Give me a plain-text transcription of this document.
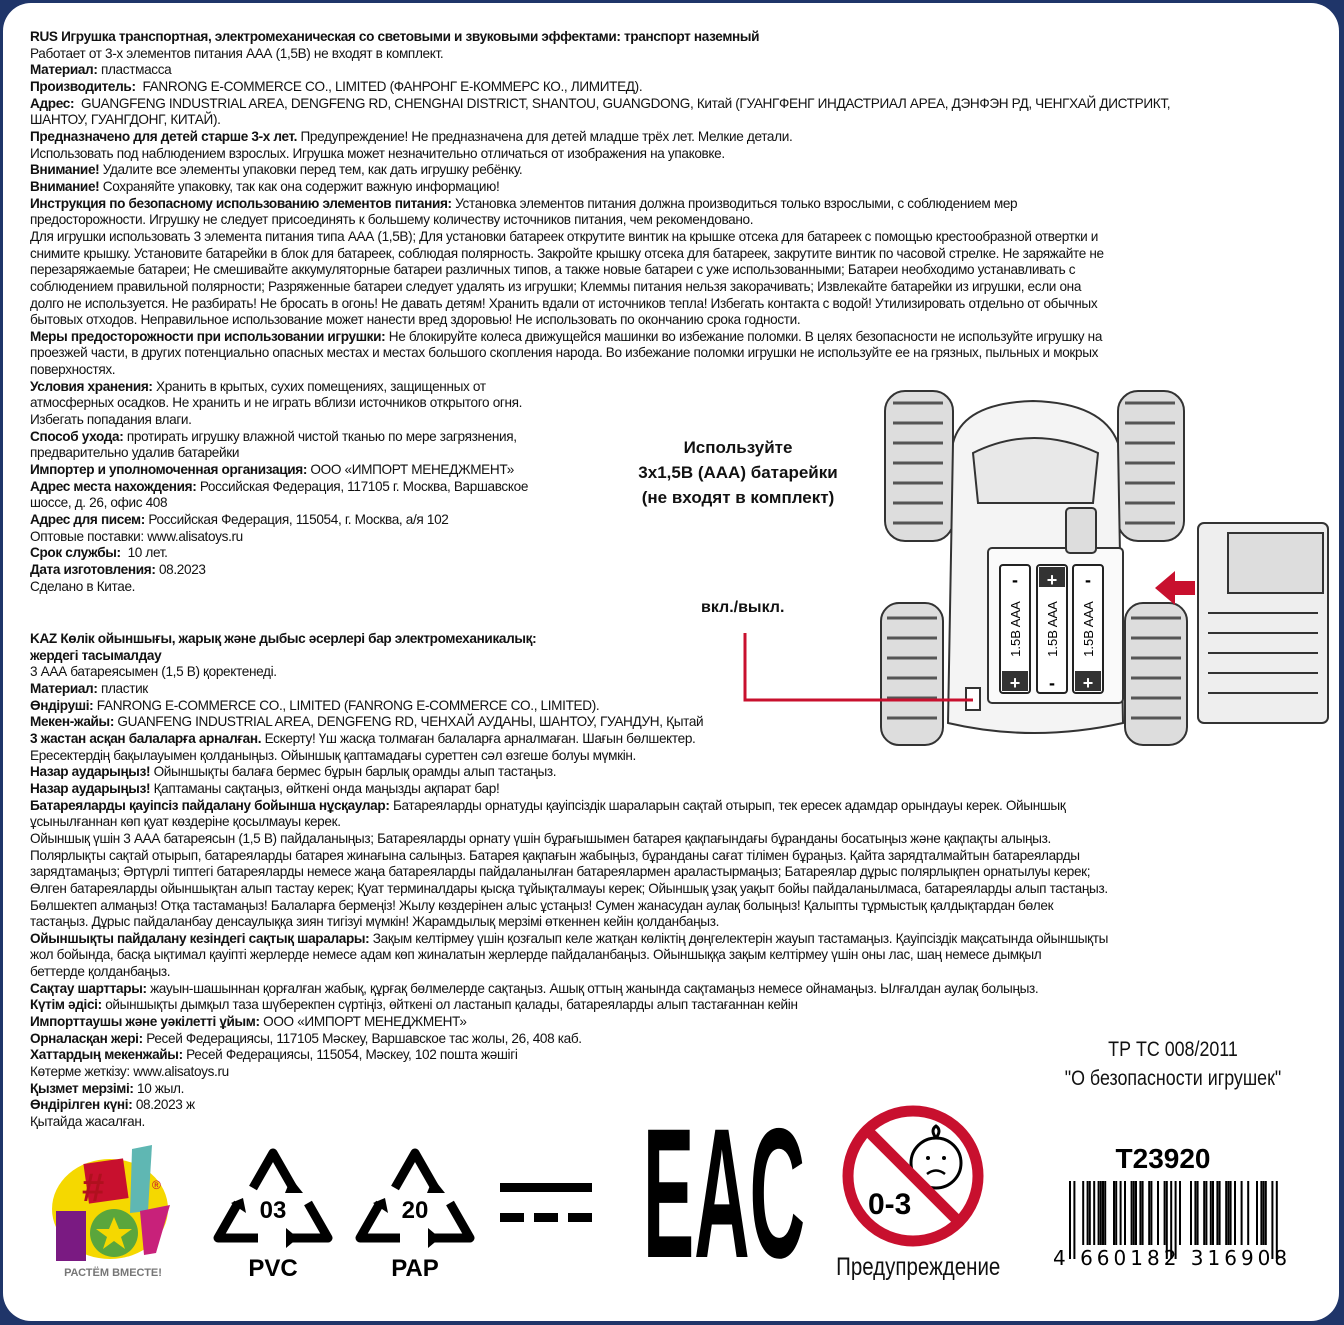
RUS Игрушка транспортная, электромеханическая со световыми и звуковыми эффектами: транспорт наземный
Работает от 3-х элементов питания ААА (1,5В) не входят в комплект.
Материал: пластмасса
Производитель:  FANRONG E-COMMERCE CO., LIMITED (ФАНРОНГ Е-КОММЕРС КО., ЛИМИТЕД).
Адрес:  GUANGFENG INDUSTRIAL AREA, DENGFENG RD, CHENGHAI DISTRICT, SHANTOU, GUANGDONG, Китай (ГУАНГФЕНГ ИНДАСТРИАЛ АРЕА, ДЭНФЭН РД, ЧЕНГХАЙ ДИСТРИКТ,
ШАНТОУ, ГУАНГДОНГ, КИТАЙ).
Предназначено для детей старше 3-х лет. Предупреждение! Не предназначена для детей младше трёх лет. Мелкие детали.
Использовать под наблюдением взрослых. Игрушка может незначительно отличаться от изображения на упаковке.
Внимание! Удалите все элементы упаковки перед тем, как дать игрушку ребёнку.
Внимание! Сохраняйте упаковку, так как она содержит важную информацию!
Инструкция по безопасному использованию элементов питания: Установка элементов питания должна производиться только взрослыми, с соблюдением мер
предосторожности. Игрушку не следует присоединять к большему количеству источников питания, чем рекомендовано.
Для игрушки использовать 3 элемента питания типа ААА (1,5В); Для установки батареек открутите винтик на крышке отсека для батареек с помощью крестообразной отвертки и
снимите крышку. Установите батарейки в блок для батареек, соблюдая полярность. Закройте крышку отсека для батареек, закрутите винтик по часовой стрелке. Не заряжайте не
перезаряжаемые батареи; Не смешивайте аккумуляторные батареи различных типов, а также новые батареи с уже использованными; Батареи необходимо устанавливать с
соблюдением правильной полярности; Разряженные батареи следует удалять из игрушки; Клеммы питания нельзя закорачивать; Извлекайте батарейки из игрушки, если она
долго не используется. Не разбирать! Не бросать в огонь! Не давать детям! Хранить вдали от источников тепла! Избегать контакта с водой! Утилизировать отдельно от обычных
бытовых отходов. Неправильное использование может нанести вред здоровью! Не использовать по окончанию срока годности.
Меры предосторожности при использовании игрушки: Не блокируйте колеса движущейся машинки во избежание поломки. В целях безопасности не используйте игрушку на
проезжей части, в других потенциально опасных местах и местах большого скопления народа. Во избежание поломки игрушки не используйте ее на грязных, пыльных и мокрых
поверхностях.
Условия хранения: Хранить в крытых, сухих помещениях, защищенных от
атмосферных осадков. Не хранить и не играть вблизи источников открытого огня.
Избегать попадания влаги.
Способ ухода: протирать игрушку влажной чистой тканью по мере загрязнения,
предварительно удалив батарейки
Импортер и уполномоченная организация: ООО «ИМПОРТ МЕНЕДЖМЕНТ»
Адрес места нахождения: Российская Федерация, 117105 г. Москва, Варшавское
шоссе, д. 26, офис 408
Адрес для писем: Российская Федерация, 115054, г. Москва, а/я 102
Оптовые поставки: www.alisatoys.ru
Срок службы:  10 лет.
Дата изготовления: 08.2023
Сделано в Китае.
KAZ Көлік ойыншығы, жарық және дыбыс әсерлері бар электромеханикалық:
жердегі тасымалдау
3 ААА батареясымен (1,5 В) қоректенеді.
Материал: пластик
Өндіруші: FANRONG E-COMMERCE CO., LIMITED (FANRONG E-COMMERCE CO., LIMITED).
Мекен-жайы: GUANFENG INDUSTRIAL AREA, DENGFENG RD, ЧЕНХАЙ АУДАНЫ, ШАНТОУ, ГУАНДУН, Қытай
3 жастан асқан балаларға арналған. Ескерту! Үш жасқа толмаған балаларға арналмаған. Шағын бөлшектер.
Ересектердің бақылауымен қолданыңыз. Ойыншық қаптамадағы суреттен сәл өзгеше болуы мүмкін.
Назар аударыңыз! Ойыншықты балаға бермес бұрын барлық орамды алып тастаңыз.
Назар аударыңыз! Қаптаманы сақтаңыз, өйткені онда маңызды ақпарат бар!
Батареяларды қауіпсіз пайдалану бойынша нұсқаулар: Батареяларды орнатуды қауіпсіздік шараларын сақтай отырып, тек ересек адамдар орындауы керек. Ойыншық
ұсынылғаннан көп қуат көздеріне қосылмауы керек.
Ойыншық үшін 3 ААА батареясын (1,5 В) пайдаланыңыз; Батареяларды орнату үшін бұрағышымен батарея қақпағындағы бұранданы босатыңыз және қақпақты алыңыз.
Полярлықты сақтай отырып, батареяларды батарея жинағына салыңыз. Батарея қақпағын жабыңыз, бұранданы сағат тілімен бұраңыз. Қайта зарядталмайтын батареяларды
зарядтамаңыз; Әртүрлі типтегі батареяларды немесе жаңа батареяларды пайдаланылған батареялармен араластырмаңыз; Батареялар дұрыс полярлықпен орнатылуы керек;
Өлген батареяларды ойыншықтан алып тастау керек; Қуат терминалдары қысқа тұйықталмауы керек; Ойыншық ұзақ уақыт бойы пайдаланылмаса, батареяларды алып тастаңыз.
Бөлшектеп алмаңыз! Отқа тастамаңыз! Балаларға бермеңіз! Жылу көздерінен алыс ұстаңыз! Сумен жанасудан аулақ болыңыз! Қалыпты тұрмыстық қалдықтардан бөлек
тастаңыз. Дұрыс пайдаланбау денсаулыққа зиян тигізуі мүмкін! Жарамдылық мерзімі өткеннен кейін қолданбаңыз.
Ойыншықты пайдалану кезіндегі сақтық шаралары: Зақым келтірмеу үшін қозғалып келе жатқан көліктің дөңгелектерін жауып тастамаңыз. Қауіпсіздік мақсатында ойыншықты
жол бойында, басқа ықтимал қауіпті жерлерде немесе адам көп жиналатын жерлерде пайдаланбаңыз. Ойыншыққа зақым келтірмеу үшін оны лас, шаң немесе дымқыл
беттерде қолданбаңыз.
Сақтау шарттары: жауын-шашыннан қорғалған жабық, құрғақ бөлмелерде сақтаңыз. Ашық оттың жанында сақтамаңыз немесе ойнамаңыз. Ылғалдан аулақ болыңыз.
Күтім әдісі: ойыншықты дымқыл таза шүберекпен сүртіңіз, өйткені ол ластанып қалады, батареяларды алып тастағаннан кейін
Импорттаушы және уәкілетті ұйым: ООО «ИМПОРТ МЕНЕДЖМЕНТ»
Орналасқан жері: Ресей Федерациясы, 117105 Мәскеу, Варшавское тас жолы, 26, 408 каб.
Хаттардың мекенжайы: Ресей Федерациясы, 115054, Мәскеу, 102 пошта жәшігі
Көтерме жеткізу: www.alisatoys.ru
Қызмет мерзімі: 10 жыл.
Өндірілген күні: 08.2023 ж
Қытайда жасалған.
Используйте
3х1,5В (ААА) батарейки
(не входят в комплект)
вкл./выкл.
-
+
1.5B AAA
+
-
1.5B AAA
-
+
1.5B AAA
#	®
РАСТЁМ ВМЕСТЕ!
03	20
PVC	PAP EAC 0-3
Предупреждение
ТР ТС 008/2011
"О безопасности игрушек"
T23920
4 660182 316908
